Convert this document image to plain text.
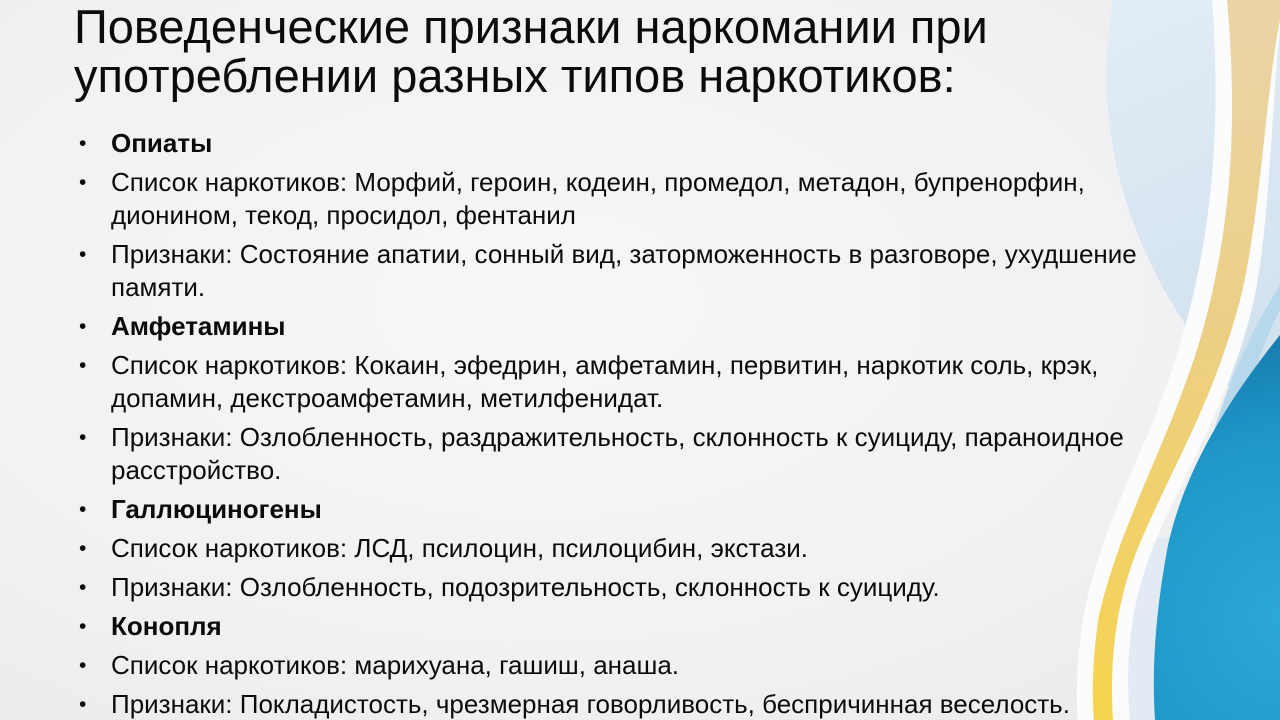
Поведенческие признаки наркомании при употреблении разных типов наркотиков:
• Опиаты
• Список наркотиков: Морфий, героин, кодеин, промедол, метадон, бупренорфин, дионином, текод, просидол, фентанил
• Признаки: Состояние апатии, сонный вид, заторможенность в разговоре, ухудшение памяти.
• Амфетамины
• Список наркотиков: Кокаин, эфедрин, амфетамин, первитин, наркотик соль, крэк, допамин, декстроамфетамин, метилфенидат.
• Признаки: Озлобленность, раздражительность, склонность к суициду, параноидное расстройство.
• Галлюциногены
• Список наркотиков: ЛСД, псилоцин, псилоцибин, экстази.
• Признаки: Озлобленность, подозрительность, склонность к суициду.
• Конопля
• Список наркотиков: марихуана, гашиш, анаша.
• Признаки: Покладистость, чрезмерная говорливость, беспричинная веселость.
